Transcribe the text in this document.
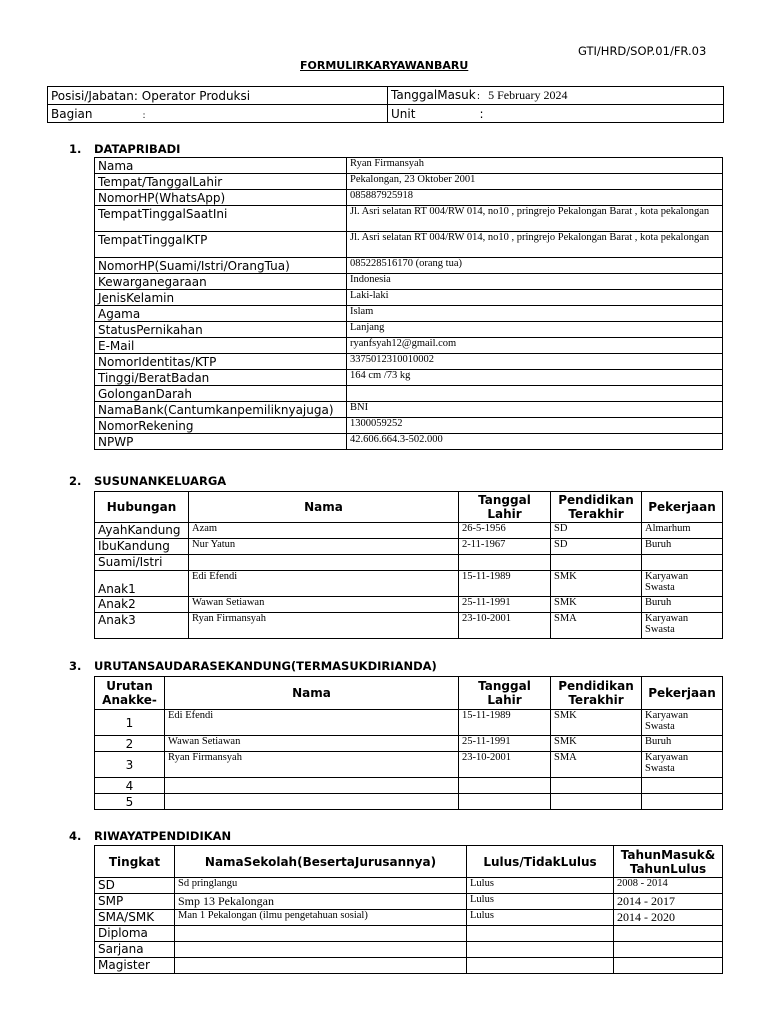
GTI/HRD/SOP.01/FR.03
FORMULIRKARYAWANBARU
Posisi/Jabatan: Operator Produksi	TanggalMasuk: 5 February 2024
Bagian :	Unit :
1. DATAPRIBADI
Nama	Ryan Firmansyah
Tempat/TanggalLahir	Pekalongan, 23 Oktober 2001
NomorHP(WhatsApp)	085887925918
TempatTinggalSaatIni	Jl. Asri selatan RT 004/RW 014, no10 , pringrejo Pekalongan Barat , kota pekalongan
TempatTinggalKTP	Jl. Asri selatan RT 004/RW 014, no10 , pringrejo Pekalongan Barat , kota pekalongan
NomorHP(Suami/Istri/OrangTua)	085228516170 (orang tua)
Kewarganegaraan	Indonesia
JenisKelamin	Laki-laki
Agama	Islam
StatusPernikahan	Lanjang
E-Mail	ryanfsyah12@gmail.com
NomorIdentitas/KTP	3375012310010002
Tinggi/BeratBadan	164 cm /73 kg
GolonganDarah	
NamaBank(Cantumkanpemiliknyajuga)	BNI
NomorRekening	1300059252
NPWP	42.606.664.3-502.000
2. SUSUNANKELUARGA
Hubungan	Nama	Tanggal Lahir	Pendidikan Terakhir	Pekerjaan
AyahKandung	Azam	26-5-1956	SD	Almarhum
IbuKandung	Nur Yatun	2-11-1967	SD	Buruh
Suami/Istri				
Anak1	Edi Efendi	15-11-1989	SMK	Karyawan Swasta
Anak2	Wawan Setiawan	25-11-1991	SMK	Buruh
Anak3	Ryan Firmansyah	23-10-2001	SMA	Karyawan Swasta
3. URUTANSAUDARASEKANDUNG(TERMASUKDIRIANDA)
Urutan Anakke-	Nama	Tanggal Lahir	Pendidikan Terakhir	Pekerjaan
1	Edi Efendi	15-11-1989	SMK	Karyawan Swasta
2	Wawan Setiawan	25-11-1991	SMK	Buruh
3	Ryan Firmansyah	23-10-2001	SMA	Karyawan Swasta
4				
5				
4. RIWAYATPENDIDIKAN
Tingkat	NamaSekolah(BesertaJurusannya)	Lulus/TidakLulus	TahunMasuk& TahunLulus
SD	Sd pringlangu	Lulus	2008 - 2014
SMP	Smp 13 Pekalongan	Lulus	2014 - 2017
SMA/SMK	Man 1 Pekalongan (ilmu pengetahuan sosial)	Lulus	2014 - 2020
Diploma			
Sarjana			
Magister			
